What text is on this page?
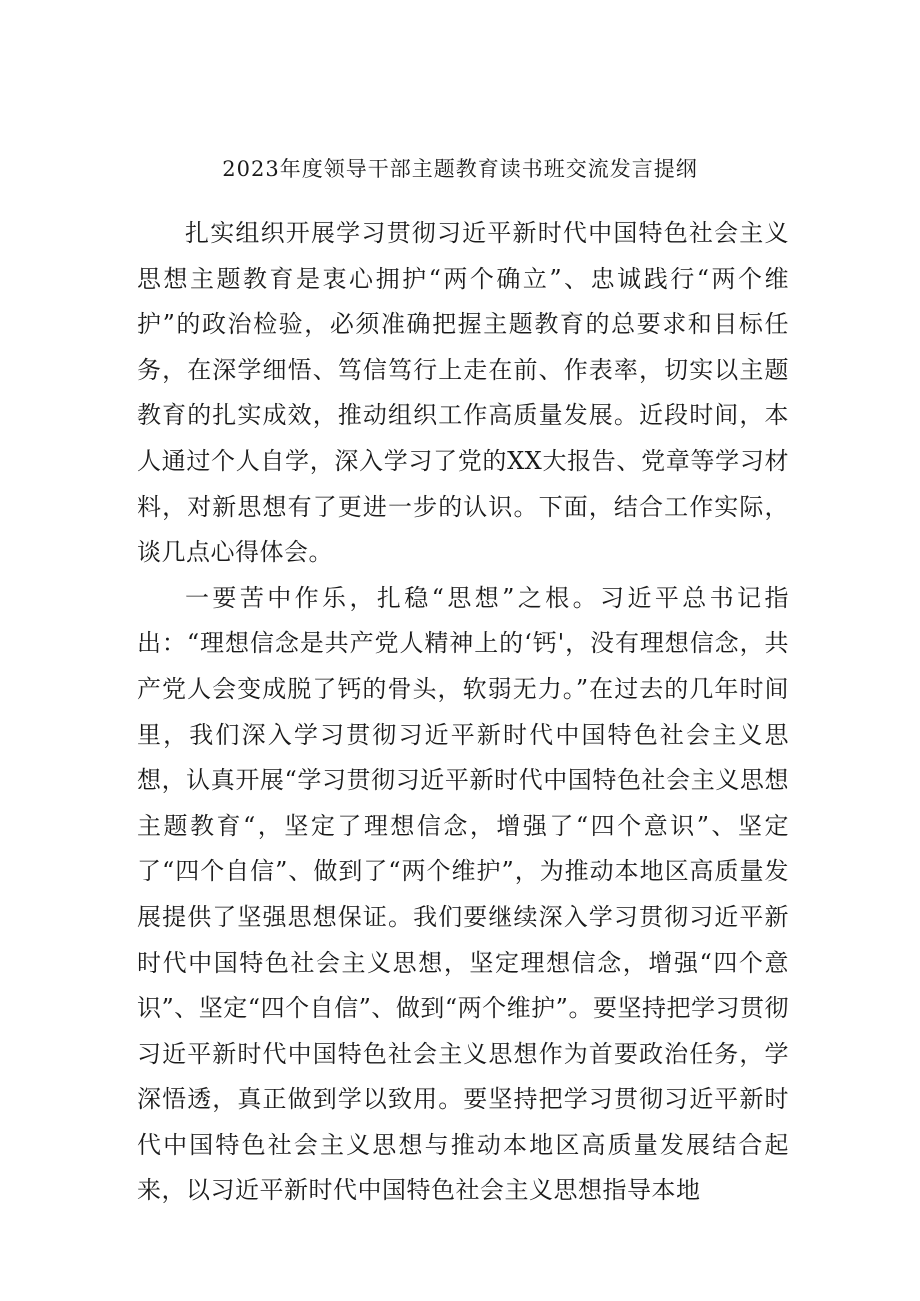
2023年度领导干部主题教育读书班交流发言提纲

扎实组织开展学习贯彻习近平新时代中国特色社会主义思想主题教育是衷心拥护“两个确立”、忠诚践行“两个维护”的政治检验，必须准确把握主题教育的总要求和目标任务，在深学细悟、笃信笃行上走在前、作表率，切实以主题教育的扎实成效，推动组织工作高质量发展。近段时间，本人通过个人自学，深入学习了党的XX大报告、党章等学习材料，对新思想有了更进一步的认识。下面，结合工作实际，谈几点心得体会。

一要苦中作乐，扎稳“思想”之根。习近平总书记指出：“理想信念是共产党人精神上的‘钙'，没有理想信念，共产党人会变成脱了钙的骨头，软弱无力。”在过去的几年时间里，我们深入学习贯彻习近平新时代中国特色社会主义思想，认真开展“学习贯彻习近平新时代中国特色社会主义思想主题教育“，坚定了理想信念，增强了“四个意识”、坚定了“四个自信”、做到了“两个维护”，为推动本地区高质量发展提供了坚强思想保证。我们要继续深入学习贯彻习近平新时代中国特色社会主义思想，坚定理想信念，增强“四个意识”、坚定“四个自信”、做到“两个维护”。要坚持把学习贯彻习近平新时代中国特色社会主义思想作为首要政治任务，学深悟透，真正做到学以致用。要坚持把学习贯彻习近平新时代中国特色社会主义思想与推动本地区高质量发展结合起来，以习近平新时代中国特色社会主义思想指导本地
